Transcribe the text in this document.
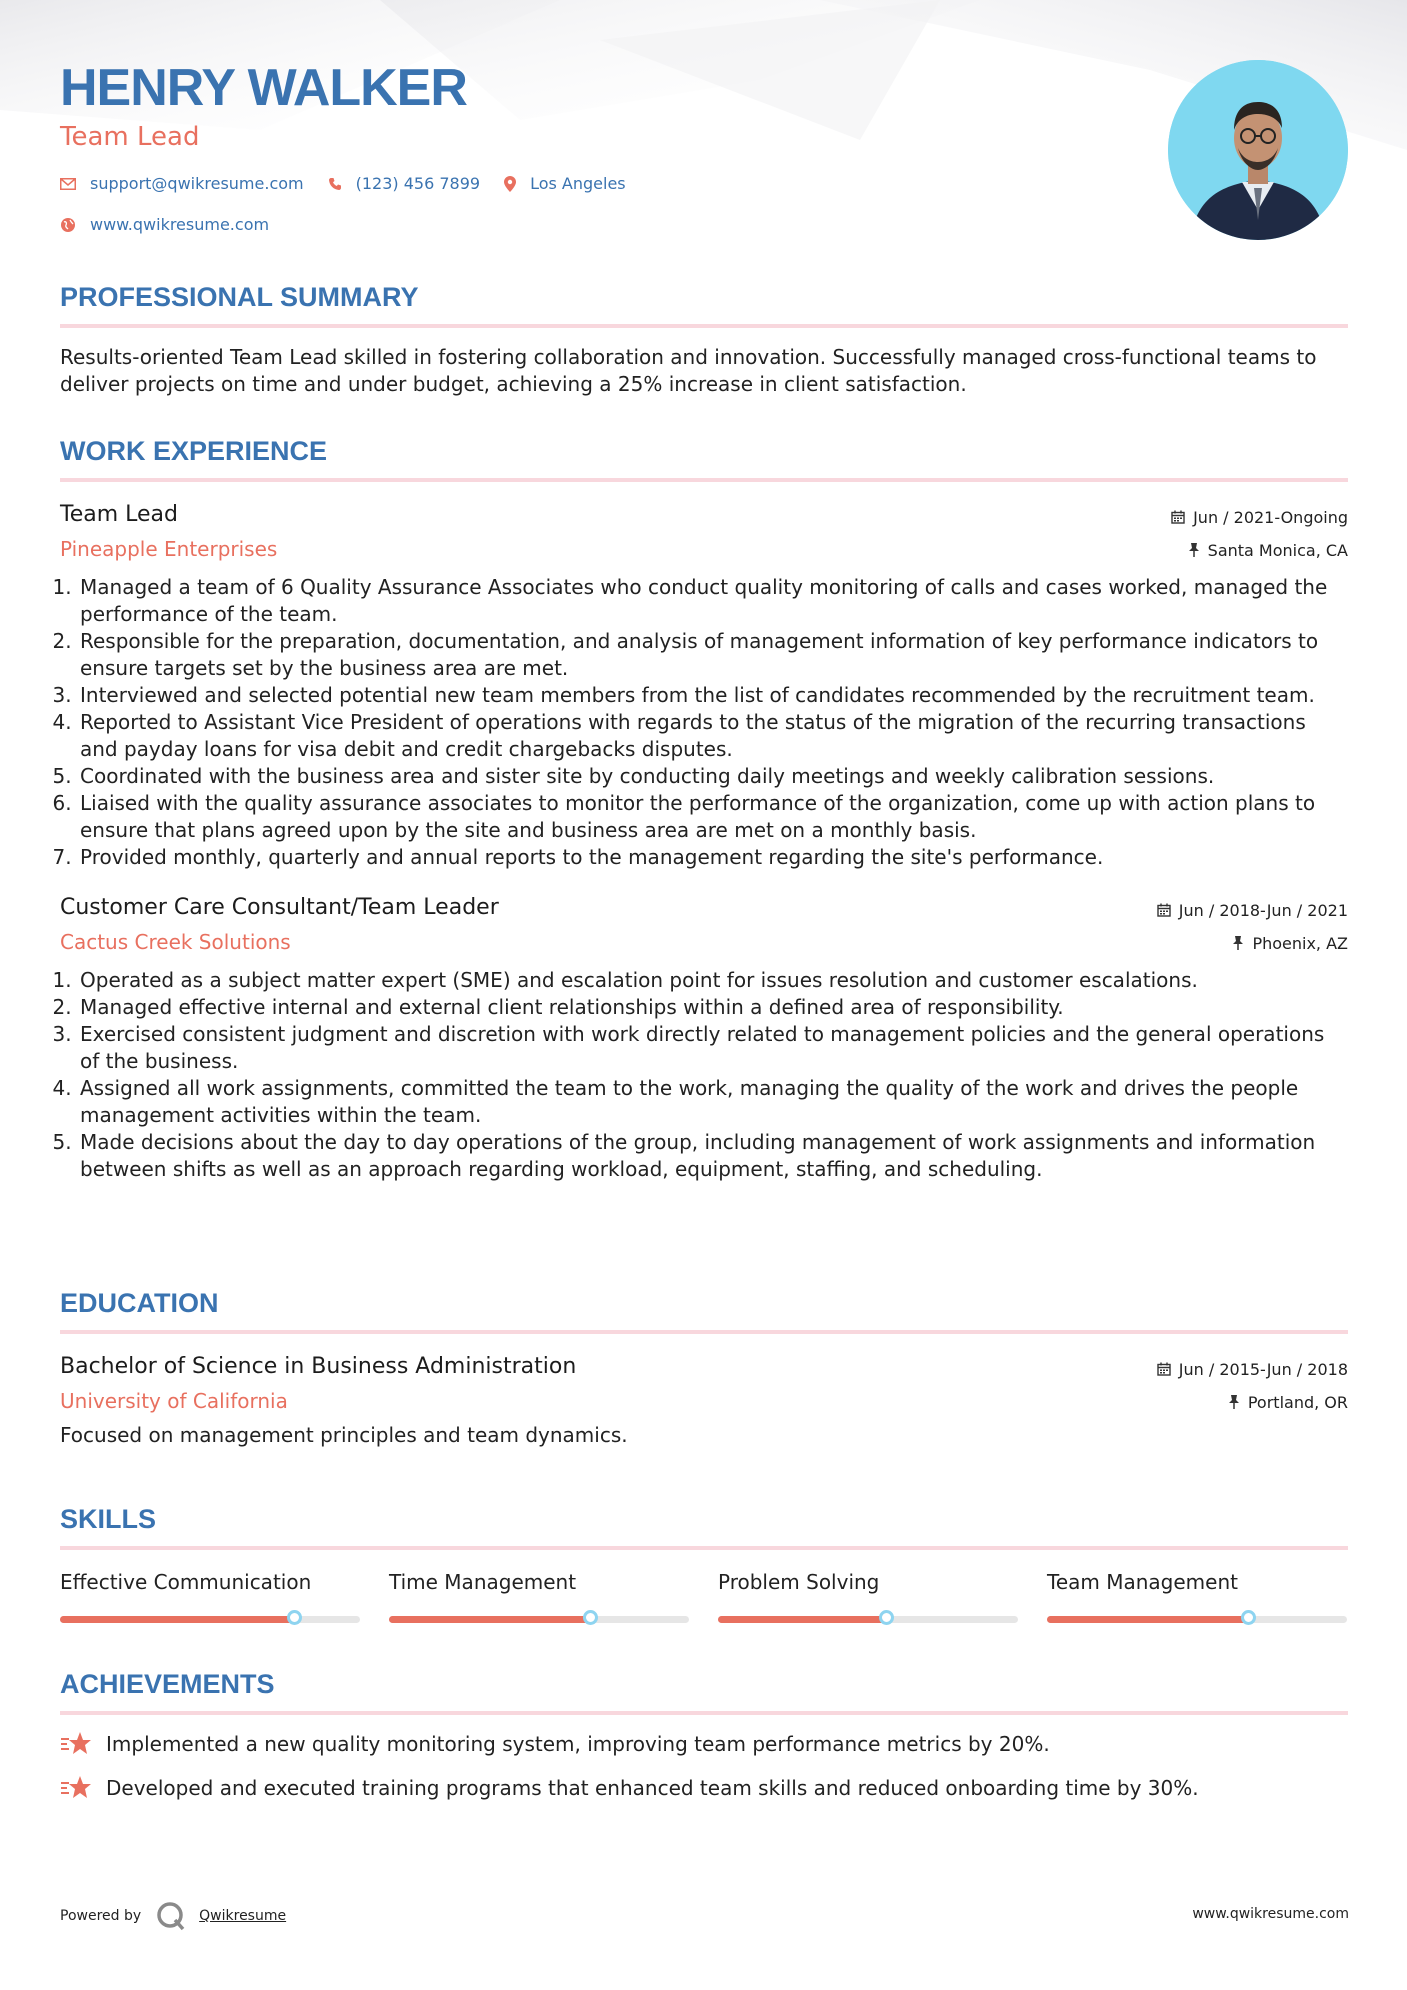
HENRY WALKER
Team Lead
support@qwikresume.com	(123) 456 7899	Los Angeles
www.qwikresume.com
PROFESSIONAL SUMMARY
Results-oriented Team Lead skilled in fostering collaboration and innovation. Successfully managed cross-functional teams to deliver projects on time and under budget, achieving a 25% increase in client satisfaction.
WORK EXPERIENCE
Team Lead
Pineapple Enterprises
Jun / 2021-Ongoing
Santa Monica, CA
1. Managed a team of 6 Quality Assurance Associates who conduct quality monitoring of calls and cases worked, managed the performance of the team.
2. Responsible for the preparation, documentation, and analysis of management information of key performance indicators to ensure targets set by the business area are met.
3. Interviewed and selected potential new team members from the list of candidates recommended by the recruitment team.
4. Reported to Assistant Vice President of operations with regards to the status of the migration of the recurring transactions and payday loans for visa debit and credit chargebacks disputes.
5. Coordinated with the business area and sister site by conducting daily meetings and weekly calibration sessions.
6. Liaised with the quality assurance associates to monitor the performance of the organization, come up with action plans to ensure that plans agreed upon by the site and business area are met on a monthly basis.
7. Provided monthly, quarterly and annual reports to the management regarding the site's performance.
Customer Care Consultant/Team Leader
Cactus Creek Solutions
Jun / 2018-Jun / 2021
Phoenix, AZ
1. Operated as a subject matter expert (SME) and escalation point for issues resolution and customer escalations.
2. Managed effective internal and external client relationships within a defined area of responsibility.
3. Exercised consistent judgment and discretion with work directly related to management policies and the general operations of the business.
4. Assigned all work assignments, committed the team to the work, managing the quality of the work and drives the people management activities within the team.
5. Made decisions about the day to day operations of the group, including management of work assignments and information between shifts as well as an approach regarding workload, equipment, staffing, and scheduling.
EDUCATION
Bachelor of Science in Business Administration
University of California
Jun / 2015-Jun / 2018
Portland, OR
Focused on management principles and team dynamics.
SKILLS
Effective Communication	Time Management	Problem Solving	Team Management
ACHIEVEMENTS
Implemented a new quality monitoring system, improving team performance metrics by 20%.
Developed and executed training programs that enhanced team skills and reduced onboarding time by 30%.
Powered by	Qwikresume	www.qwikresume.com
